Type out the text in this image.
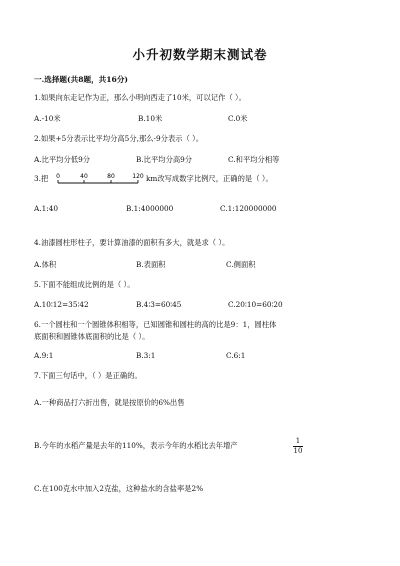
小升初数学期末测试卷
一.选择题(共8题，共16分)
1.如果向东走记作为正，那么小明向西走了10米，可以记作（ ）。
A.-10米	B.10米	C.0米
2.如果+5分表示比平均分高5分,那么-9分表示（ ）。
A.比平均分低9分	B.比平均分高9分	C.和平均分相等
3.把 0	40	80	120 km改写成数字比例尺，正确的是（ ）。
A.1:40	B.1:4000000	C.1:120000000
4.油漆圆柱形柱子，要计算油漆的面积有多大，就是求（ ）。
A.体积	B.表面积	C.侧面积
5.下面不能组成比例的是（ ）。
A.10∶12=35∶42	B.4∶3=60∶45	C.20∶10=60∶20
6.一个圆柱和一个圆锥体积相等，已知圆锥和圆柱的高的比是9：1，圆柱体
底面积和圆锥体底面积的比是（ ）。
A.9:1	B.3:1	C.6:1
7.下面三句话中，（ ）是正确的。
A.一种商品打六折出售，就是按原价的6%出售
B.今年的水稻产量是去年的110%，表示今年的水稻比去年增产	1
10
C.在100克水中加入2克盐，这种盐水的含盐率是2%
